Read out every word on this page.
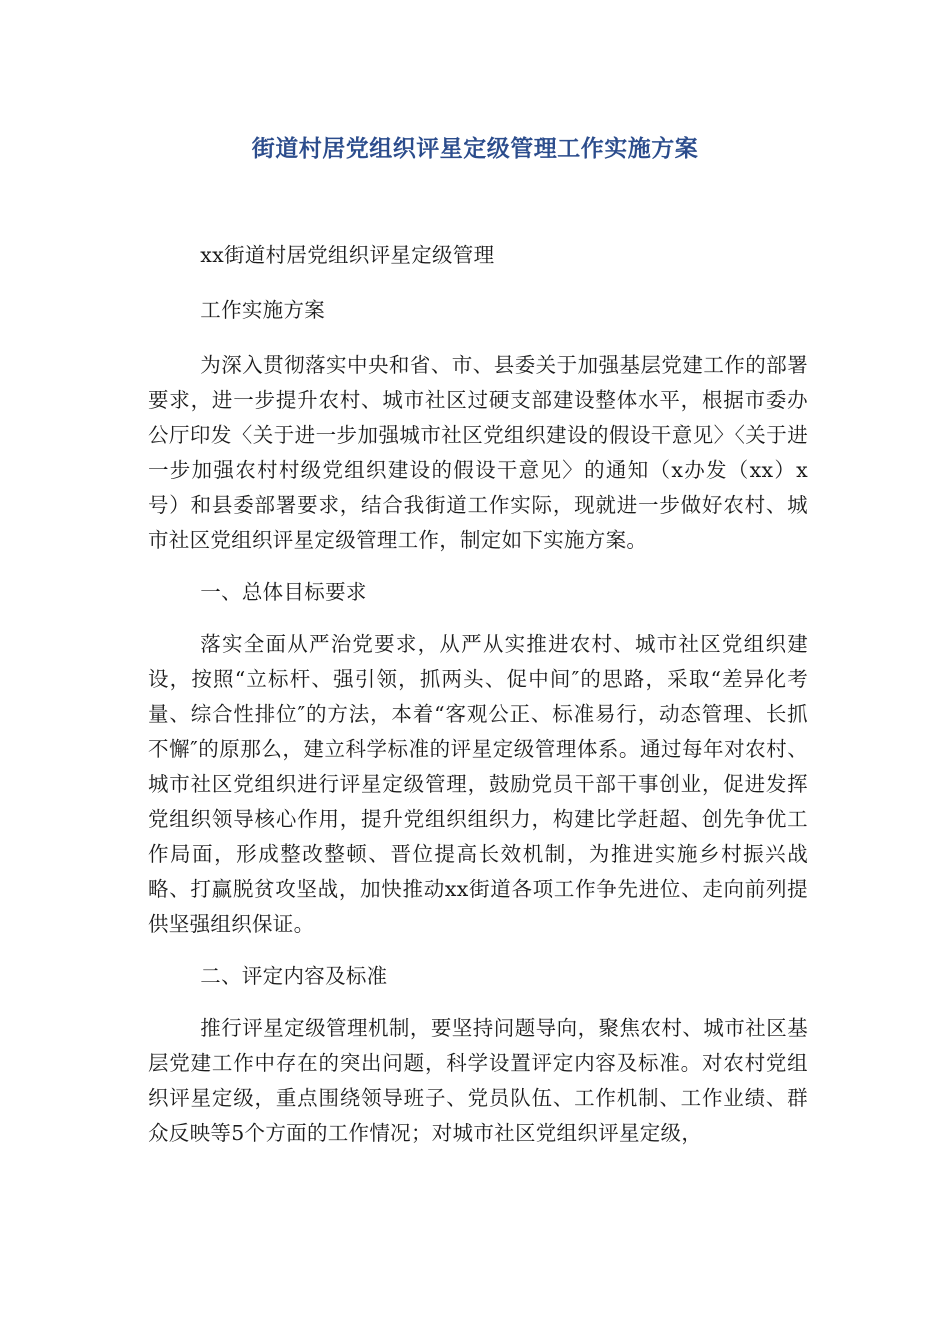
街道村居党组织评星定级管理工作实施方案

xx街道村居党组织评星定级管理

工作实施方案

为深入贯彻落实中央和省、市、县委关于加强基层党建工作的部署要求，进一步提升农村、城市社区过硬支部建设整体水平，根据市委办公厅印发〈关于进一步加强城市社区党组织建设的假设干意见〉〈关于进一步加强农村村级党组织建设的假设干意见〉的通知（x办发（xx）x号）和县委部署要求，结合我街道工作实际，现就进一步做好农村、城市社区党组织评星定级管理工作，制定如下实施方案。

一、总体目标要求

落实全面从严治党要求，从严从实推进农村、城市社区党组织建设，按照“立标杆、强引领，抓两头、促中间″的思路，采取“差异化考量、综合性排位″的方法，本着“客观公正、标准易行，动态管理、长抓不懈″的原那么，建立科学标准的评星定级管理体系。通过每年对农村、城市社区党组织进行评星定级管理，鼓励党员干部干事创业，促进发挥党组织领导核心作用，提升党组织组织力，构建比学赶超、创先争优工作局面，形成整改整顿、晋位提高长效机制，为推进实施乡村振兴战略、打赢脱贫攻坚战，加快推动xx街道各项工作争先进位、走向前列提供坚强组织保证。

二、评定内容及标准

推行评星定级管理机制，要坚持问题导向，聚焦农村、城市社区基层党建工作中存在的突出问题，科学设置评定内容及标准。对农村党组织评星定级，重点围绕领导班子、党员队伍、工作机制、工作业绩、群众反映等5个方面的工作情况；对城市社区党组织评星定级，
